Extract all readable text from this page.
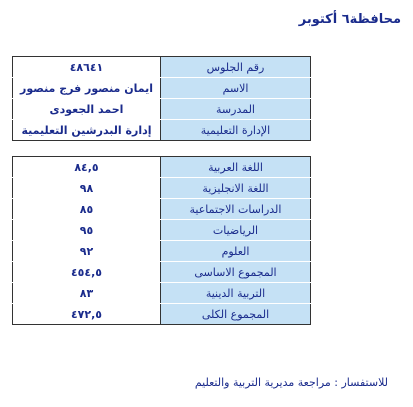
محافظة٦ أكتوبر
رقم الجلوس	٤٨٦٤١
الاسم	ايمان منصور فرج منصور
المدرسة	احمد الجعودى
الإدارة التعليمية	إدارة البدرشين التعليمية
اللغة العربية	٨٤,٥
اللغة الانجليزية	٩٨
الدراسات الاجتماعية	٨٥
الرياضيات	٩٥
العلوم	٩٢
المجموع الاساسى	٤٥٤,٥
التربية الدينية	٨٣
المجموع الكلى	٤٧٢,٥
للاستفسار : مراجعة مديرية التربية والتعليم
